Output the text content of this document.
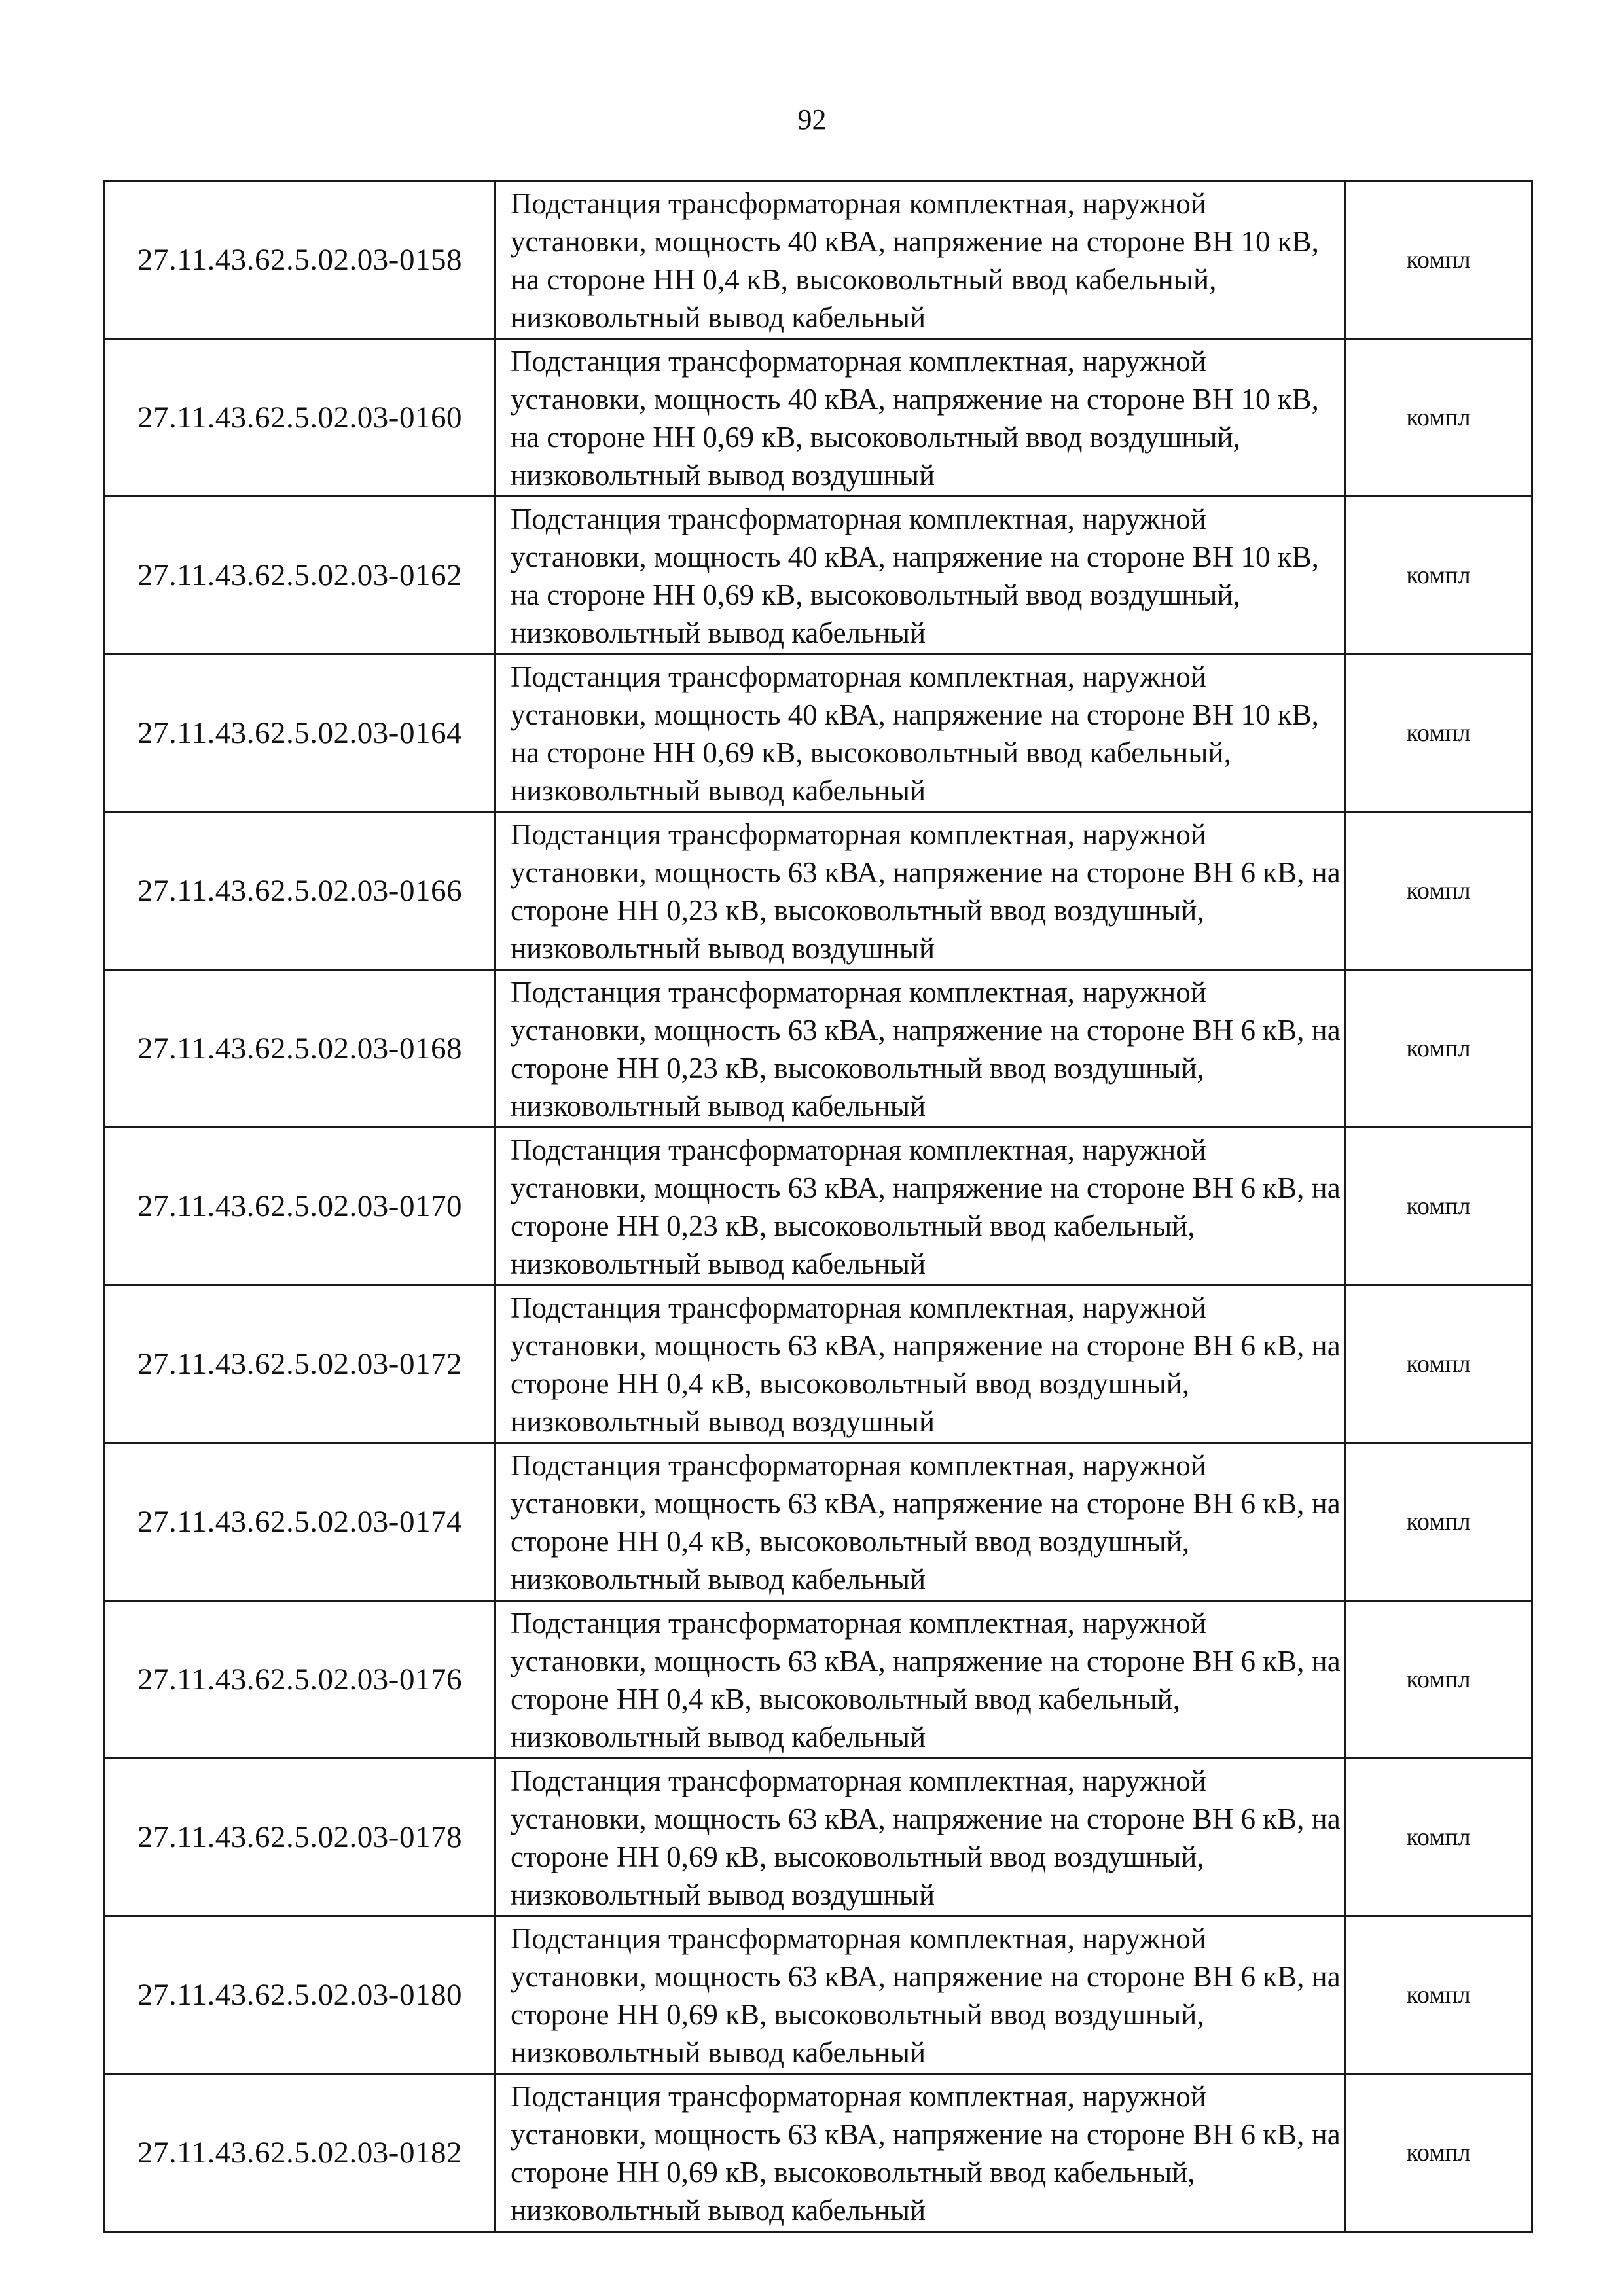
92
27.11.43.62.5.02.03-0158	Подстанция трансформаторная комплектная, наружной установки, мощность 40 кВА, напряжение на стороне ВН 10 кВ, на стороне НН 0,4 кВ, высоковольтный ввод кабельный, низковольтный вывод кабельный	компл
27.11.43.62.5.02.03-0160	Подстанция трансформаторная комплектная, наружной установки, мощность 40 кВА, напряжение на стороне ВН 10 кВ, на стороне НН 0,69 кВ, высоковольтный ввод воздушный, низковольтный вывод воздушный	компл
27.11.43.62.5.02.03-0162	Подстанция трансформаторная комплектная, наружной установки, мощность 40 кВА, напряжение на стороне ВН 10 кВ, на стороне НН 0,69 кВ, высоковольтный ввод воздушный, низковольтный вывод кабельный	компл
27.11.43.62.5.02.03-0164	Подстанция трансформаторная комплектная, наружной установки, мощность 40 кВА, напряжение на стороне ВН 10 кВ, на стороне НН 0,69 кВ, высоковольтный ввод кабельный, низковольтный вывод кабельный	компл
27.11.43.62.5.02.03-0166	Подстанция трансформаторная комплектная, наружной установки, мощность 63 кВА, напряжение на стороне ВН 6 кВ, на стороне НН 0,23 кВ, высоковольтный ввод воздушный, низковольтный вывод воздушный	компл
27.11.43.62.5.02.03-0168	Подстанция трансформаторная комплектная, наружной установки, мощность 63 кВА, напряжение на стороне ВН 6 кВ, на стороне НН 0,23 кВ, высоковольтный ввод воздушный, низковольтный вывод кабельный	компл
27.11.43.62.5.02.03-0170	Подстанция трансформаторная комплектная, наружной установки, мощность 63 кВА, напряжение на стороне ВН 6 кВ, на стороне НН 0,23 кВ, высоковольтный ввод кабельный, низковольтный вывод кабельный	компл
27.11.43.62.5.02.03-0172	Подстанция трансформаторная комплектная, наружной установки, мощность 63 кВА, напряжение на стороне ВН 6 кВ, на стороне НН 0,4 кВ, высоковольтный ввод воздушный, низковольтный вывод воздушный	компл
27.11.43.62.5.02.03-0174	Подстанция трансформаторная комплектная, наружной установки, мощность 63 кВА, напряжение на стороне ВН 6 кВ, на стороне НН 0,4 кВ, высоковольтный ввод воздушный, низковольтный вывод кабельный	компл
27.11.43.62.5.02.03-0176	Подстанция трансформаторная комплектная, наружной установки, мощность 63 кВА, напряжение на стороне ВН 6 кВ, на стороне НН 0,4 кВ, высоковольтный ввод кабельный, низковольтный вывод кабельный	компл
27.11.43.62.5.02.03-0178	Подстанция трансформаторная комплектная, наружной установки, мощность 63 кВА, напряжение на стороне ВН 6 кВ, на стороне НН 0,69 кВ, высоковольтный ввод воздушный, низковольтный вывод воздушный	компл
27.11.43.62.5.02.03-0180	Подстанция трансформаторная комплектная, наружной установки, мощность 63 кВА, напряжение на стороне ВН 6 кВ, на стороне НН 0,69 кВ, высоковольтный ввод воздушный, низковольтный вывод кабельный	компл
27.11.43.62.5.02.03-0182	Подстанция трансформаторная комплектная, наружной установки, мощность 63 кВА, напряжение на стороне ВН 6 кВ, на стороне НН 0,69 кВ, высоковольтный ввод кабельный, низковольтный вывод кабельный	компл
